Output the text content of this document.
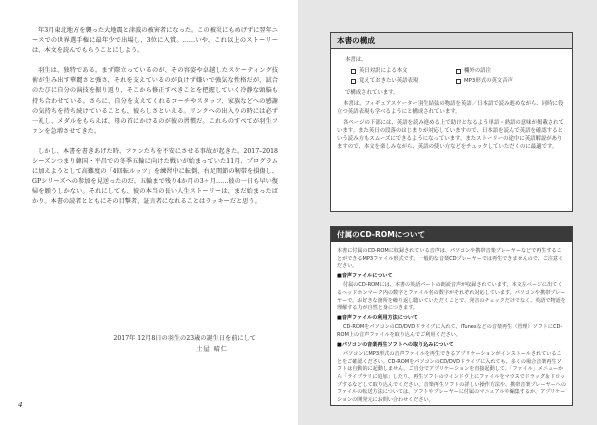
年3月東北地方を襲った大地震と津波の被害者になった。この被災にもめげずに翌年ニースでの世界選手権に最年少で出場し、3位に入賞。……いや、これ以上のストーリーは、本文を読んでもらうことにしよう。

羽生は、独特である。まず際立っているのが、その容姿や卓越したスケーティング技術が生み出す華麗さと強さ、それを支えているのが負けず嫌いで強気な性格だが、試合のたびに自分の演技を振り返り、そこから修正すべきことを把握していく冷静な頭脳も持ち合わせている。さらに、自分を支えてくれるコーチやスタッフ、家族などへの感謝の気持ちを持ち続けていることも、彼らしさといえる。リンクへの出入りの時には必ず一礼し、メダルをもらえば、母の首にかけるのが彼の習慣だ。これらのすべてが羽生ファンを急増させてきた。

しかし、本書を書きあげた時、ファンたちを不安にさせる事故が起きた。2017–2018シーズンつまり韓国・平昌での冬季五輪に向けた戦いが始まっていた11月、プログラムに加えようとして高難度の「4回転ルッツ」を練習中に転倒、右足関節の靭帯を損傷し、GPシリーズへの参加を見送ったのだ。五輪まで残り4か月の3ヶ月……彼の一日も早い復帰を願うしかない。それにしても、彼の本当の長い人生ストーリーは、まだ始まったばかり。本書の読者とともにその目撃者、証言者になれることはラッキーだと思う。

2017年 12月8日の羽生の23歳の誕生日を前にして
土屋 晴仁
4
本書の構成
本書は、
英日対訳による本文	欄外の語注
覚えておきたい英語表現	MP3形式の英文音声
で構成されています。

本書は、フィギュアスケーター羽生結弦の物語を英語／日本語で読み進めながら、同時に役立つ英語表現も学べるようにと構成されています。

各ページの下部には、英語を読み進める上で助けとなるよう単語・熟語の意味が掲載されています。また英日の段落のはじまりが対応していますので、日本語を読んで英語を確認するという読み方もスムーズにできるようになっています。またストーリーの途中に英語解説がありますので、本文を楽しみながら、英語の使い方などをチェックしていただくのに最適です。

付属のCD-ROMについて

本書に付属のCD-ROMに収録されている音声は、パソコンや携帯音楽プレーヤーなどで再生することができるMP3ファイル形式です。一般的な音楽CDプレーヤーでは再生できませんので、ご注意ください。

■音声ファイルについて

付属のCD-ROMには、本書の英語パートの朗読音声が収録されています。本文左ページに出てくるヘッドホンマーク内の数字とファイル名の数字がそれぞれ対応しています。パソコンや携帯プレーヤーで、お好きな箇所を繰り返し聴いていただくことで、発音のチェックだけでなく、英語で物語を理解する力が自然と身につきます。

■音声ファイルの利用方法について

CD-ROMをパソコンのCD/DVDドライブに入れて、iTunesなどの音楽再生（管理）ソフトにCD-ROM上の音声ファイルを取り込んでご利用ください。

■パソコンの音楽再生ソフトへの取り込みについて

パソコンにMP3形式の音声ファイルを再生できるアプリケーションがインストールされていることをご確認ください。CD-ROMをパソコンのCD/DVDドライブに入れても、多くの場合音楽再生ソフトは自動的に起動しません。ご自分でアプリケーションを直接起動して、「ファイル」メニューから「ライブラリに追加」したり、再生ソフトのウインドウ上にファイルをマウスでドラッグ＆ドロップするなどして取り込んでください。音楽再生ソフトの詳しい操作方法や、携帯音楽プレーヤーへのファイルの転送方法については、ソフトやプレーヤーに付属のマニュアルや編集するか、アプリケーションの開発元にお問い合わせください。
